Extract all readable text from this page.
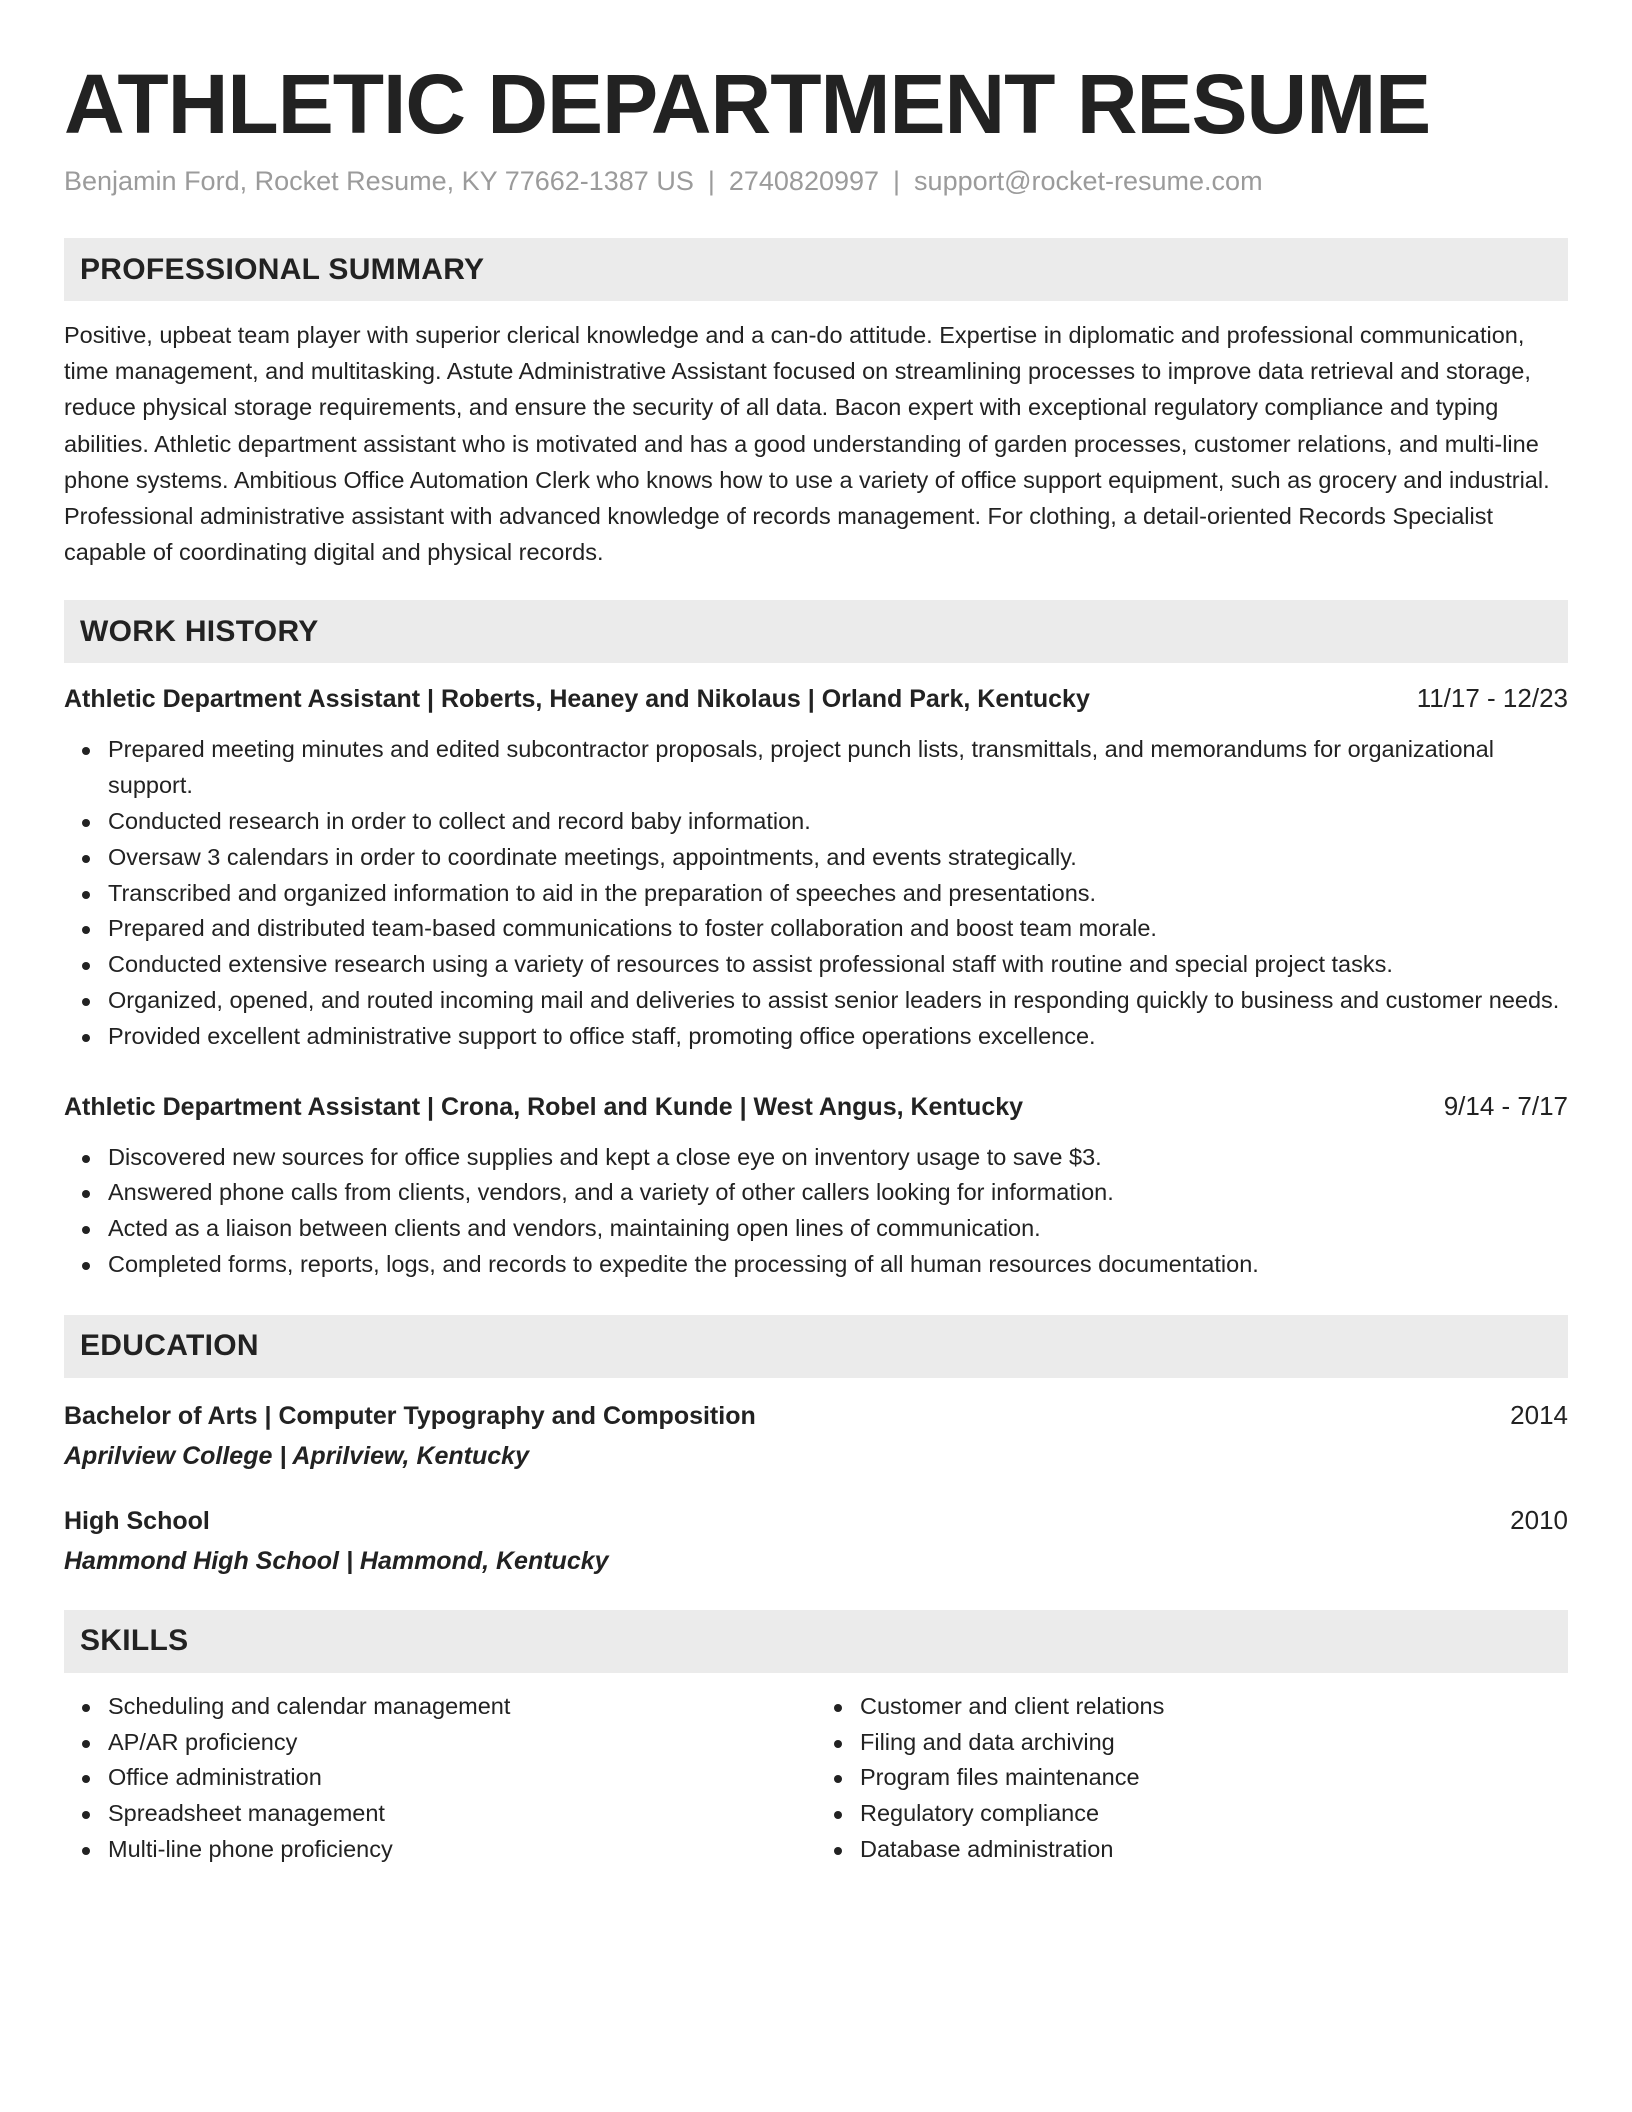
ATHLETIC DEPARTMENT RESUME
Benjamin Ford, Rocket Resume, KY 77662-1387 US | 2740820997 | support@rocket-resume.com
PROFESSIONAL SUMMARY

Positive, upbeat team player with superior clerical knowledge and a can-do attitude. Expertise in diplomatic and professional communication, time management, and multitasking. Astute Administrative Assistant focused on streamlining processes to improve data retrieval and storage, reduce physical storage requirements, and ensure the security of all data. Bacon expert with exceptional regulatory compliance and typing abilities. Athletic department assistant who is motivated and has a good understanding of garden processes, customer relations, and multi-line phone systems. Ambitious Office Automation Clerk who knows how to use a variety of office support equipment, such as grocery and industrial. Professional administrative assistant with advanced knowledge of records management. For clothing, a detail-oriented Records Specialist capable of coordinating digital and physical records.

WORK HISTORY
Athletic Department Assistant | Roberts, Heaney and Nikolaus | Orland Park, Kentucky	11/17 - 12/23
Prepared meeting minutes and edited subcontractor proposals, project punch lists, transmittals, and memorandums for organizational support.
Conducted research in order to collect and record baby information.
Oversaw 3 calendars in order to coordinate meetings, appointments, and events strategically.
Transcribed and organized information to aid in the preparation of speeches and presentations.
Prepared and distributed team-based communications to foster collaboration and boost team morale.
Conducted extensive research using a variety of resources to assist professional staff with routine and special project tasks.
Organized, opened, and routed incoming mail and deliveries to assist senior leaders in responding quickly to business and customer needs.
Provided excellent administrative support to office staff, promoting office operations excellence.
Athletic Department Assistant | Crona, Robel and Kunde | West Angus, Kentucky	9/14 - 7/17
Discovered new sources for office supplies and kept a close eye on inventory usage to save $3.
Answered phone calls from clients, vendors, and a variety of other callers looking for information.
Acted as a liaison between clients and vendors, maintaining open lines of communication.
Completed forms, reports, logs, and records to expedite the processing of all human resources documentation.
EDUCATION
Bachelor of Arts | Computer Typography and Composition	2014
Aprilview College | Aprilview, Kentucky
High School	2010
Hammond High School | Hammond, Kentucky
SKILLS
Scheduling and calendar management
AP/AR proficiency
Office administration
Spreadsheet management
Multi-line phone proficiency
Customer and client relations
Filing and data archiving
Program files maintenance
Regulatory compliance
Database administration
